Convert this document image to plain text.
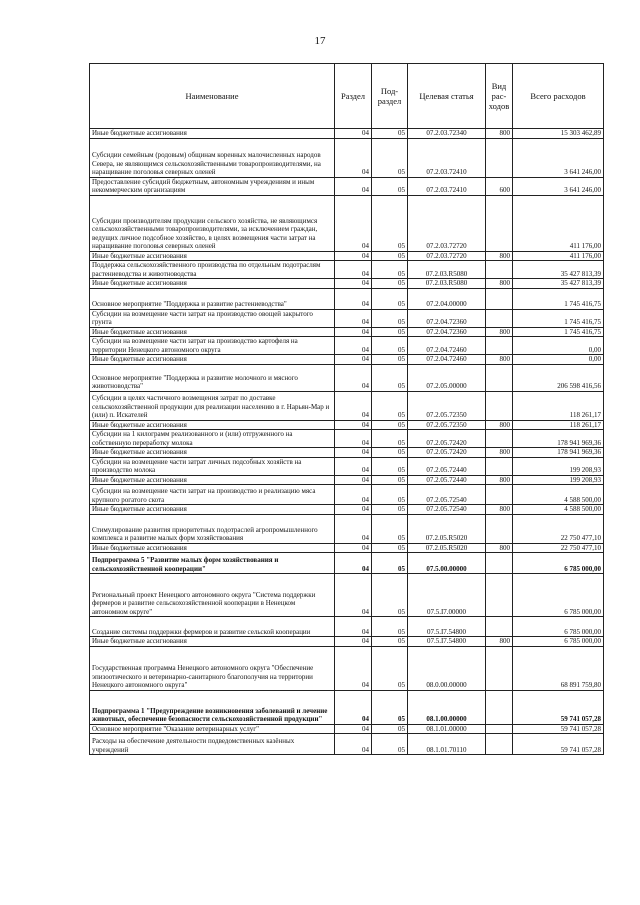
17
Наименование	Раздел	Под-раздел	Целевая статья	Вид рас-ходов	Всего расходов
Иные бюджетные ассигнования	04	05	07.2.03.72340	800	15 303 462,89
Субсидии семейным (родовым) общинам коренных малочисленных народов Севера, не являющимся сельскохозяйственными товаропроизводителями, на наращивание поголовья северных оленей	04	05	07.2.03.72410		3 641 246,00
Предоставление субсидий бюджетным, автономным учреждениям и иным некоммерческим организациям	04	05	07.2.03.72410	600	3 641 246,00
Субсидии производителям продукции сельского хозяйства, не являющимся сельскохозяйственными товаропроизводителями, за исключением граждан, ведущих личное подсобное хозяйство, в целях возмещения части затрат на наращивание поголовья северных оленей	04	05	07.2.03.72720		411 176,00
Иные бюджетные ассигнования	04	05	07.2.03.72720	800	411 176,00
Поддержка сельскохозяйственного производства по отдельным подотраслям растениеводства и животноводства	04	05	07.2.03.R5080		35 427 813,39
Иные бюджетные ассигнования	04	05	07.2.03.R5080	800	35 427 813,39
Основное мероприятие "Поддержка и развитие растениеводства"	04	05	07.2.04.00000		1 745 416,75
Субсидии на возмещение части затрат на производство овощей закрытого грунта	04	05	07.2.04.72360		1 745 416,75
Иные бюджетные ассигнования	04	05	07.2.04.72360	800	1 745 416,75
Субсидии на возмещение части затрат на производство картофеля на территории Ненецкого автономного округа	04	05	07.2.04.72460		0,00
Иные бюджетные ассигнования	04	05	07.2.04.72460	800	0,00
Основное мероприятие "Поддержка и развитие молочного и мясного животноводства"	04	05	07.2.05.00000		206 598 416,56
Субсидии в целях частичного возмещения затрат по доставке сельскохозяйственной продукции для реализации населению в г. Нарьян-Мар и (или) п. Искателей	04	05	07.2.05.72350		118 261,17
Иные бюджетные ассигнования	04	05	07.2.05.72350	800	118 261,17
Субсидии на 1 килограмм реализованного и (или) отгруженного на собственную переработку молока	04	05	07.2.05.72420		178 941 969,36
Иные бюджетные ассигнования	04	05	07.2.05.72420	800	178 941 969,36
Субсидии на возмещение части затрат личных подсобных хозяйств на производство молока	04	05	07.2.05.72440		199 208,93
Иные бюджетные ассигнования	04	05	07.2.05.72440	800	199 208,93
Субсидии на возмещение части затрат на производство и реализацию мяса крупного рогатого скота	04	05	07.2.05.72540		4 588 500,00
Иные бюджетные ассигнования	04	05	07.2.05.72540	800	4 588 500,00
Стимулирование развития приоритетных подотраслей агропромышленного комплекса и развитие малых форм хозяйствования	04	05	07.2.05.R5020		22 750 477,10
Иные бюджетные ассигнования	04	05	07.2.05.R5020	800	22 750 477,10
Подпрограмма 5 "Развитие малых форм хозяйствования и сельскохозяйственной кооперации"	04	05	07.5.00.00000		6 785 000,00
Региональный проект Ненецкого автономного округа "Система поддержки фермеров и развитие сельскохозяйственной кооперации в Ненецком автономном округе"	04	05	07.5.I7.00000		6 785 000,00
Создание системы поддержки фермеров и развитие сельской кооперации	04	05	07.5.I7.54800		6 785 000,00
Иные бюджетные ассигнования	04	05	07.5.I7.54800	800	6 785 000,00
Государственная программа Ненецкого автономного округа "Обеспечение эпизоотического и ветеринарно-санитарного благополучия на территории Ненецкого автономного округа"	04	05	08.0.00.00000		68 891 759,80
Подпрограмма 1 "Предупреждение возникновения заболеваний и лечение животных, обеспечение безопасности сельскохозяйственной продукции"	04	05	08.1.00.00000		59 741 057,28
Основное мероприятие "Оказание ветеринарных услуг"	04	05	08.1.01.00000		59 741 057,28
Расходы на обеспечение деятельности подведомственных казённых учреждений	04	05	08.1.01.70110		59 741 057,28
